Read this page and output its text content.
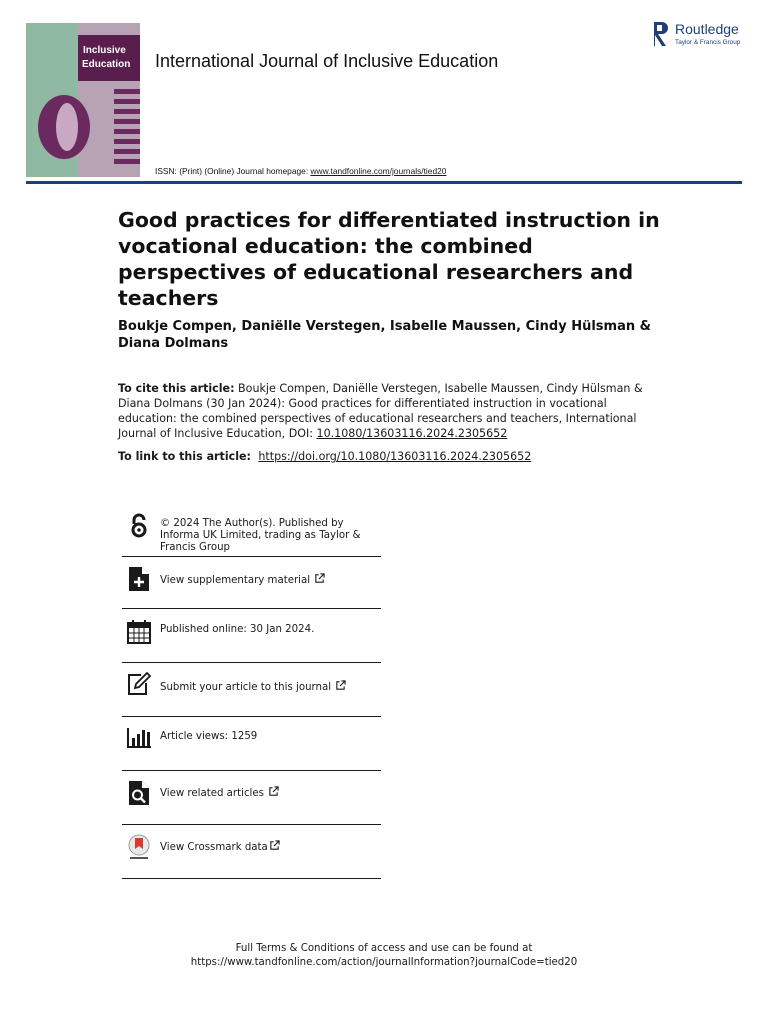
Inclusive
Education International Journal of Inclusive Education
ISSN: (Print) (Online) Journal homepage: www.tandfonline.com/journals/tied20
Routledge
Taylor & Francis Group
Good practices for differentiated instruction in vocational education: the combined perspectives of educational researchers and teachers
Boukje Compen, Daniëlle Verstegen, Isabelle Maussen, Cindy Hülsman & Diana Dolmans
To cite this article: Boukje Compen, Daniëlle Verstegen, Isabelle Maussen, Cindy Hülsman & Diana Dolmans (30 Jan 2024): Good practices for differentiated instruction in vocational education: the combined perspectives of educational researchers and teachers, International Journal of Inclusive Education, DOI: 10.1080/13603116.2024.2305652
To link to this article:  https://doi.org/10.1080/13603116.2024.2305652
© 2024 The Author(s). Published by Informa UK Limited, trading as Taylor & Francis Group
View supplementary material
Published online: 30 Jan 2024.
Submit your article to this journal
Article views: 1259
View related articles
View Crossmark data
Full Terms & Conditions of access and use can be found at
https://www.tandfonline.com/action/journalInformation?journalCode=tied20
